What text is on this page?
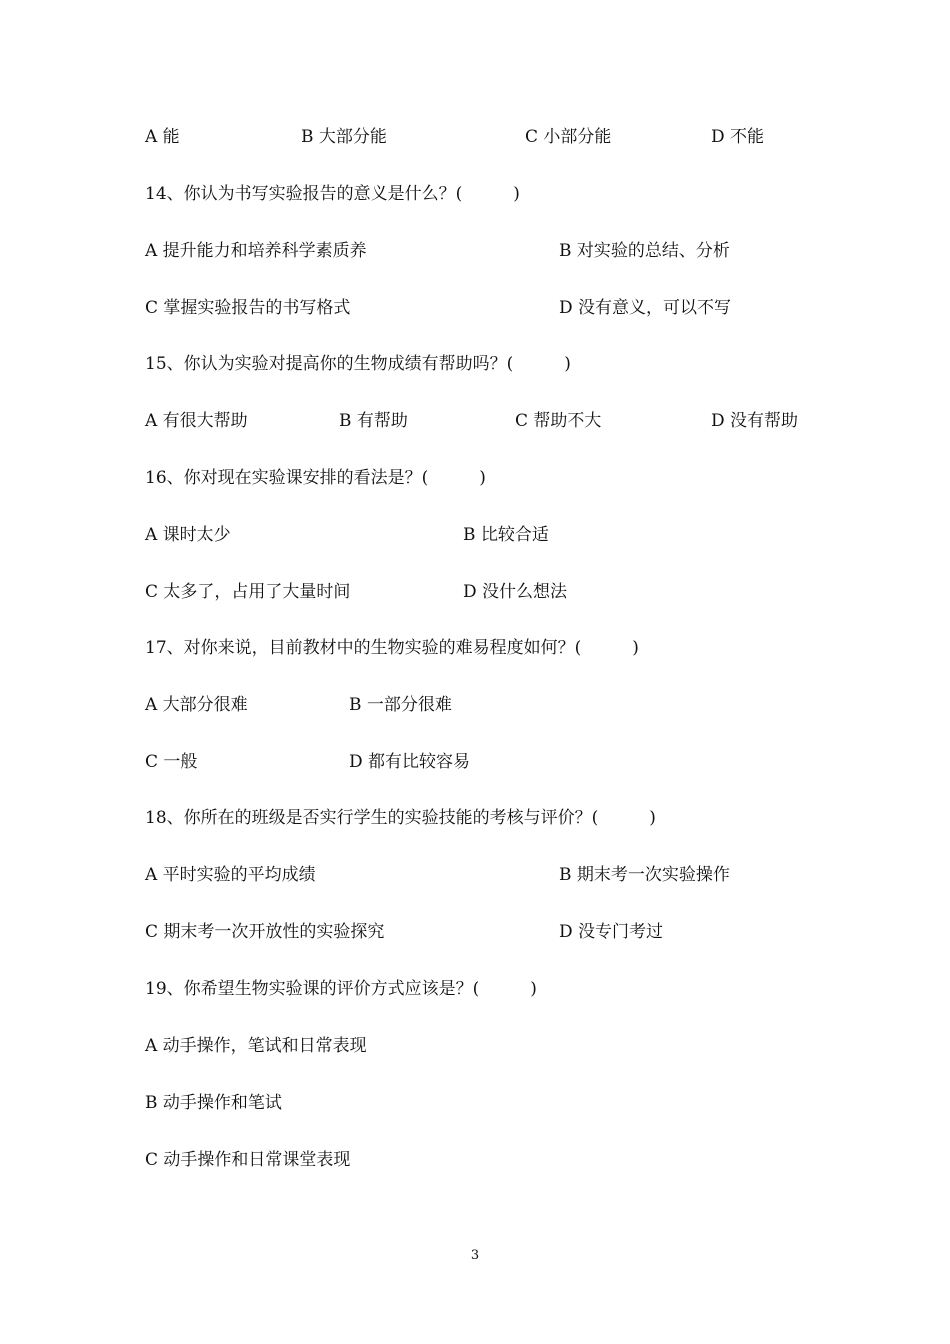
A 能	B 大部分能	C 小部分能	D 不能
14、你认为书写实验报告的意义是什么？(　　　)
A 提升能力和培养科学素质养	B 对实验的总结、分析
C 掌握实验报告的书写格式	D 没有意义，可以不写
15、你认为实验对提高你的生物成绩有帮助吗？(　　　)
A 有很大帮助	B 有帮助	C 帮助不大	D 没有帮助
16、你对现在实验课安排的看法是？(　　　)
A 课时太少	B 比较合适
C 太多了，占用了大量时间	D 没什么想法
17、对你来说，目前教材中的生物实验的难易程度如何？(　　　)
A 大部分很难	B 一部分很难
C 一般	D 都有比较容易
18、你所在的班级是否实行学生的实验技能的考核与评价？(　　　)
A 平时实验的平均成绩	B 期末考一次实验操作
C 期末考一次开放性的实验探究	D 没专门考过
19、你希望生物实验课的评价方式应该是？(　　　)
A 动手操作，笔试和日常表现
B 动手操作和笔试
C 动手操作和日常课堂表现
3
